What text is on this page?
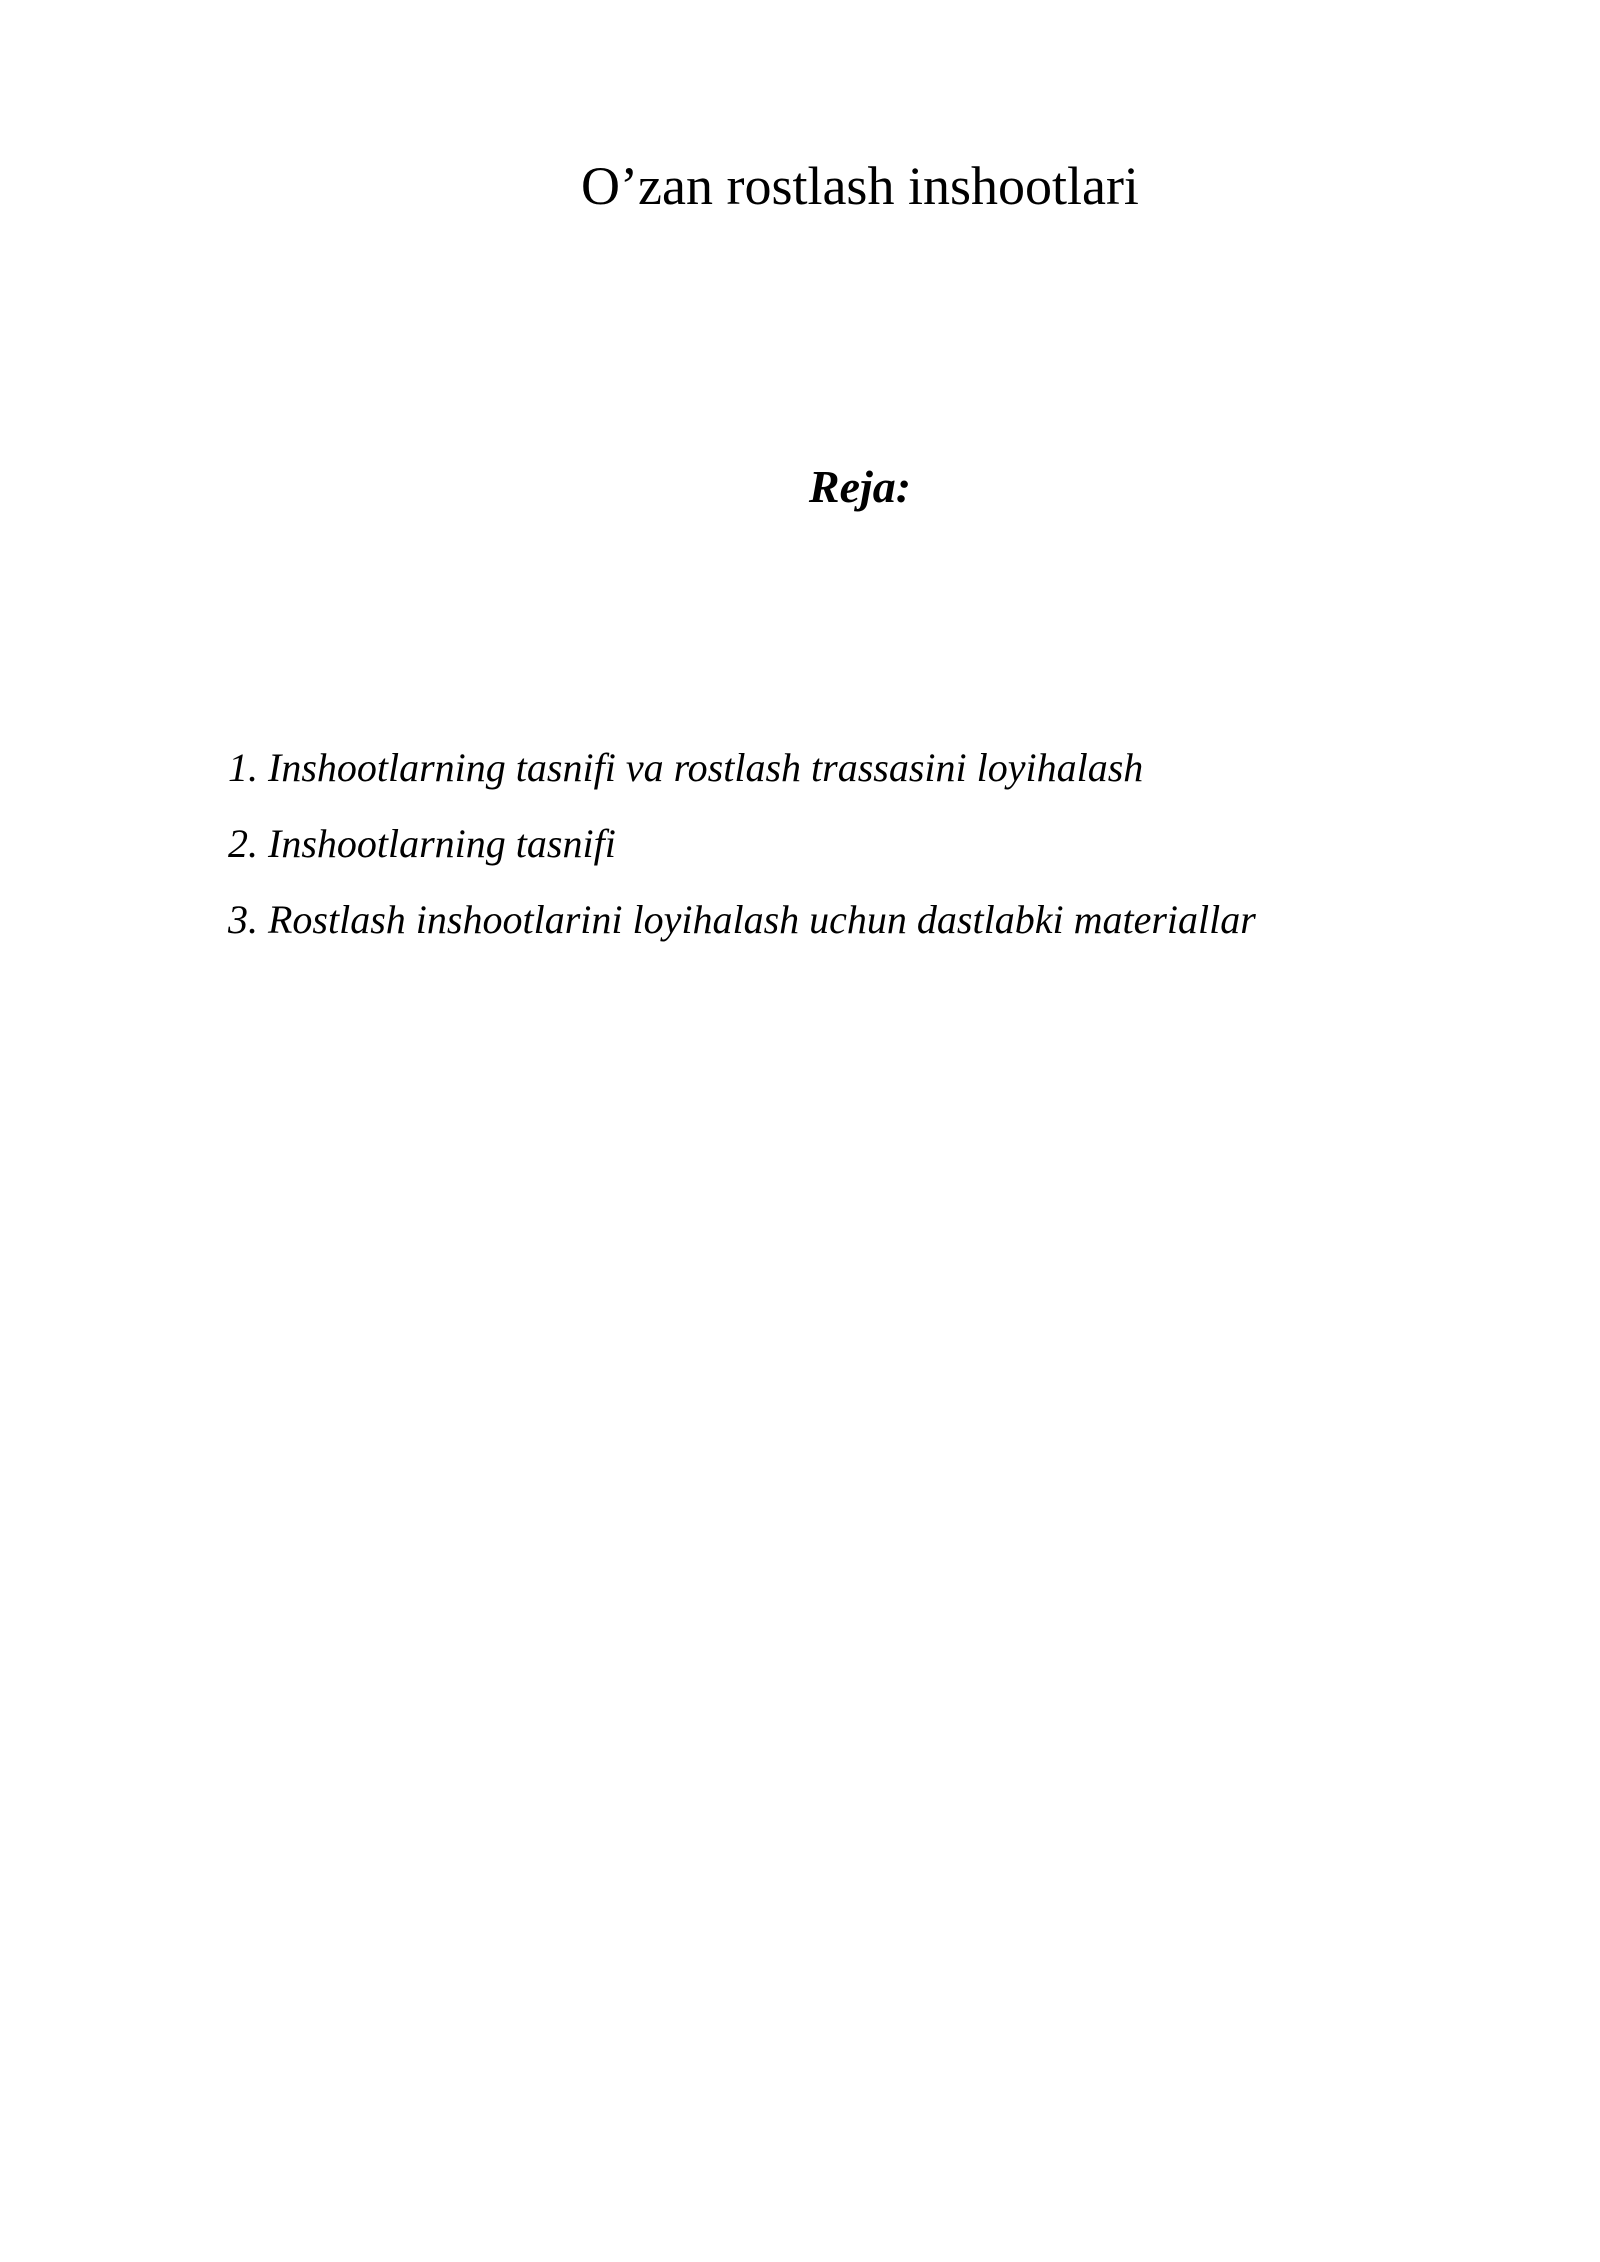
O’zan rostlash inshootlari
Reja:
1. Inshootlarning tasnifi va rostlash trassasini loyihalash
2. Inshootlarning tasnifi
3. Rostlash inshootlarini loyihalash uchun dastlabki materiallar
